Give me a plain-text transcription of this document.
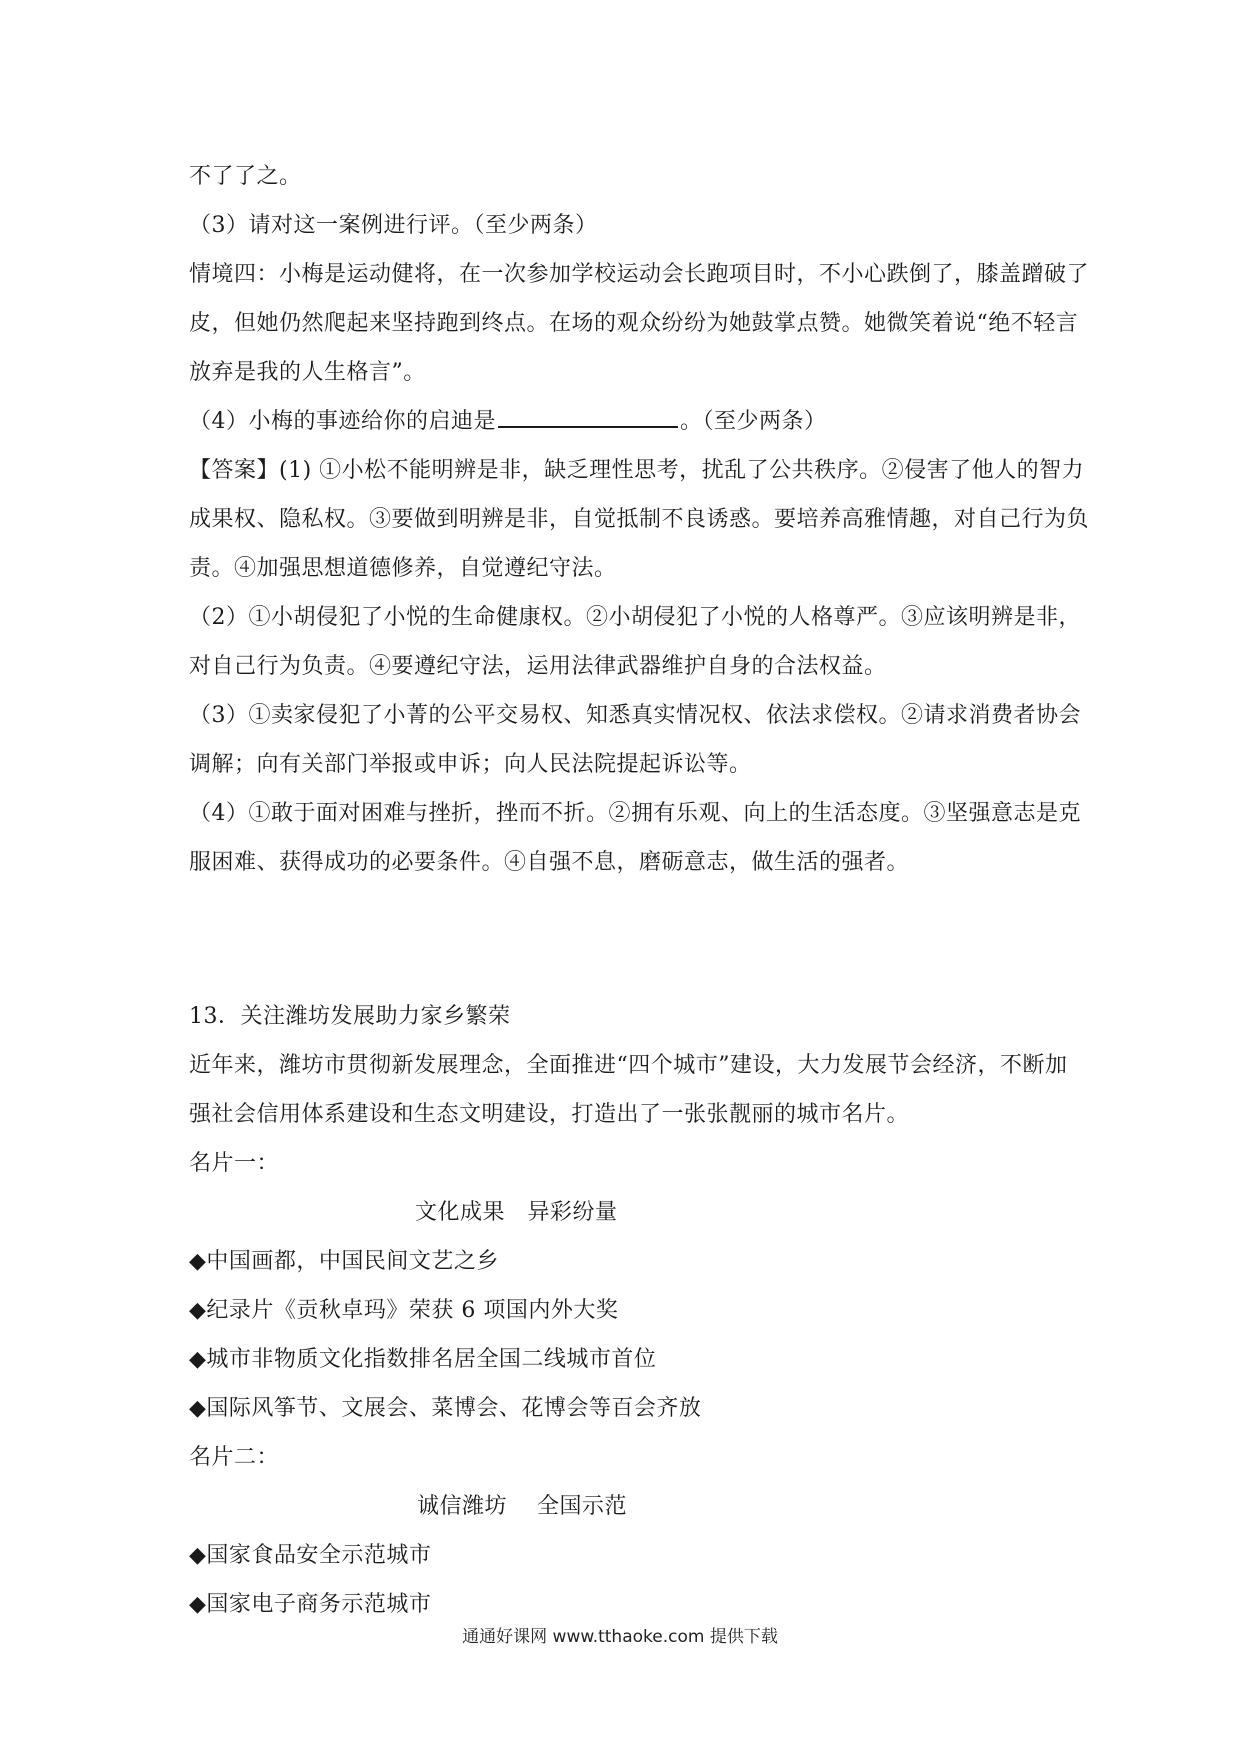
不了了之。
（3）请对这一案例进行评。（至少两条）
情境四：小梅是运动健将，在一次参加学校运动会长跑项目时，不小心跌倒了，膝盖蹭破了
皮，但她仍然爬起来坚持跑到终点。在场的观众纷纷为她鼓掌点赞。她微笑着说“绝不轻言
放弃是我的人生格言”。
（4）小梅的事迹给你的启迪是	。（至少两条）
【答案】(1) ①小松不能明辨是非，缺乏理性思考，扰乱了公共秩序。②侵害了他人的智力
成果权、隐私权。③要做到明辨是非，自觉抵制不良诱惑。要培养高雅情趣，对自己行为负
责。④加强思想道德修养，自觉遵纪守法。
（2）①小胡侵犯了小悦的生命健康权。②小胡侵犯了小悦的人格尊严。③应该明辨是非，
对自己行为负责。④要遵纪守法，运用法律武器维护自身的合法权益。
（3）①卖家侵犯了小菁的公平交易权、知悉真实情况权、依法求偿权。②请求消费者协会
调解；向有关部门举报或申诉；向人民法院提起诉讼等。
（4）①敢于面对困难与挫折，挫而不折。②拥有乐观、向上的生活态度。③坚强意志是克
服困难、获得成功的必要条件。④自强不息，磨砺意志，做生活的强者。
13．关注潍坊发展助力家乡繁荣
近年来，潍坊市贯彻新发展理念，全面推进“四个城市”建设，大力发展节会经济，不断加
强社会信用体系建设和生态文明建设，打造出了一张张靓丽的城市名片。
名片一：
文化成果　异彩纷量
◆中国画都，中国民间文艺之乡
◆纪录片《贡秋卓玛》荣获 6 项国内外大奖
◆城市非物质文化指数排名居全国二线城市首位
◆国际风筝节、文展会、菜博会、花博会等百会齐放
名片二：
诚信潍坊　 全国示范
◆国家食品安全示范城市
◆国家电子商务示范城市
通通好课网 www.tthaoke.com 提供下载
